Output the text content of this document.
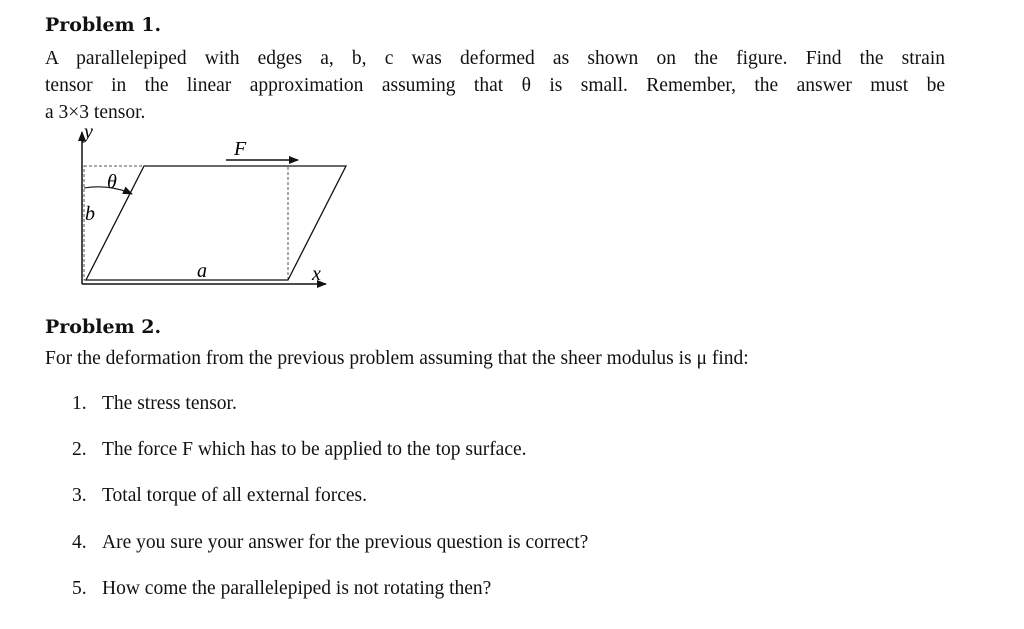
Problem 1.
A parallelepiped with edges a, b, c was deformed as shown on the figure. Find the strain
tensor in the linear approximation assuming that θ is small. Remember, the answer must be
a 3×3 tensor.
y
x
F
θ
b
a
Problem 2.

For the deformation from the previous problem assuming that the sheer modulus is μ find:

1. The stress tensor.

2. The force F which has to be applied to the top surface.

3. Total torque of all external forces.

4. Are you sure your answer for the previous question is correct?

5. How come the parallelepiped is not rotating then?
